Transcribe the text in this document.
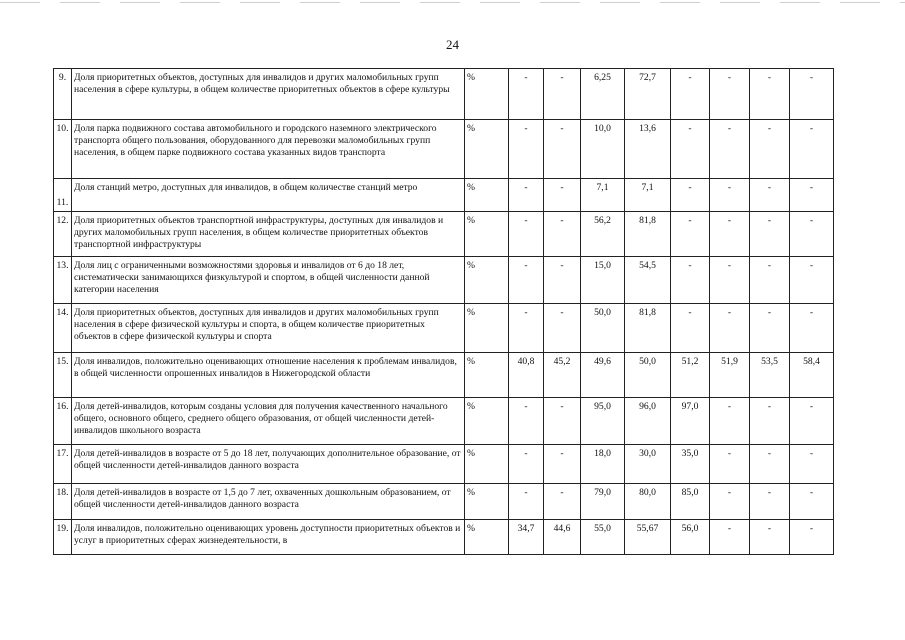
24
9.	Доля приоритетных объектов, доступных для инвалидов и других маломобильных групп населения в сфере культуры, в общем количестве приоритетных объектов в сфере культуры	%	-	-	6,25	72,7	-	-	-	-
10.	Доля парка подвижного состава автомобильного и городского наземного электрического транспорта общего пользования, оборудованного для перевозки маломобильных групп населения, в общем парке подвижного состава указанных видов транспорта	%	-	-	10,0	13,6	-	-	-	-
11.	Доля станций метро, доступных для инвалидов, в общем количестве станций метро	%	-	-	7,1	7,1	-	-	-	-
12.	Доля приоритетных объектов транспортной инфраструктуры, доступных для инвалидов и других маломобильных групп населения, в общем количестве приоритетных объектов транспортной инфраструктуры	%	-	-	56,2	81,8	-	-	-	-
13.	Доля лиц с ограниченными возможностями здоровья и инвалидов от 6 до 18 лет, систематически занимающихся физкультурой и спортом, в общей численности данной категории населения	%	-	-	15,0	54,5	-	-	-	-
14.	Доля приоритетных объектов, доступных для инвалидов и других маломобильных групп населения в сфере физической культуры и спорта, в общем количестве приоритетных объектов в сфере физической культуры и спорта	%	-	-	50,0	81,8	-	-	-	-
15.	Доля инвалидов, положительно оценивающих отношение населения к проблемам инвалидов, в общей численности опрошенных инвалидов в Нижегородской области	%	40,8	45,2	49,6	50,0	51,2	51,9	53,5	58,4
16.	Доля детей-инвалидов, которым созданы условия для получения качественного начального общего, основного общего, среднего общего образования, от общей численности детей-инвалидов школьного возраста	%	-	-	95,0	96,0	97,0	-	-	-
17.	Доля детей-инвалидов в возрасте от 5 до 18 лет, получающих дополнительное образование, от общей численности детей-инвалидов данного возраста	%	-	-	18,0	30,0	35,0	-	-	-
18.	Доля детей-инвалидов в возрасте от 1,5 до 7 лет, охваченных дошкольным образованием, от общей численности детей-инвалидов данного возраста	%	-	-	79,0	80,0	85,0	-	-	-
19.	Доля инвалидов, положительно оценивающих уровень доступности приоритетных объектов и услуг в приоритетных сферах жизнедеятельности, в	%	34,7	44,6	55,0	55,67	56,0	-	-	-
